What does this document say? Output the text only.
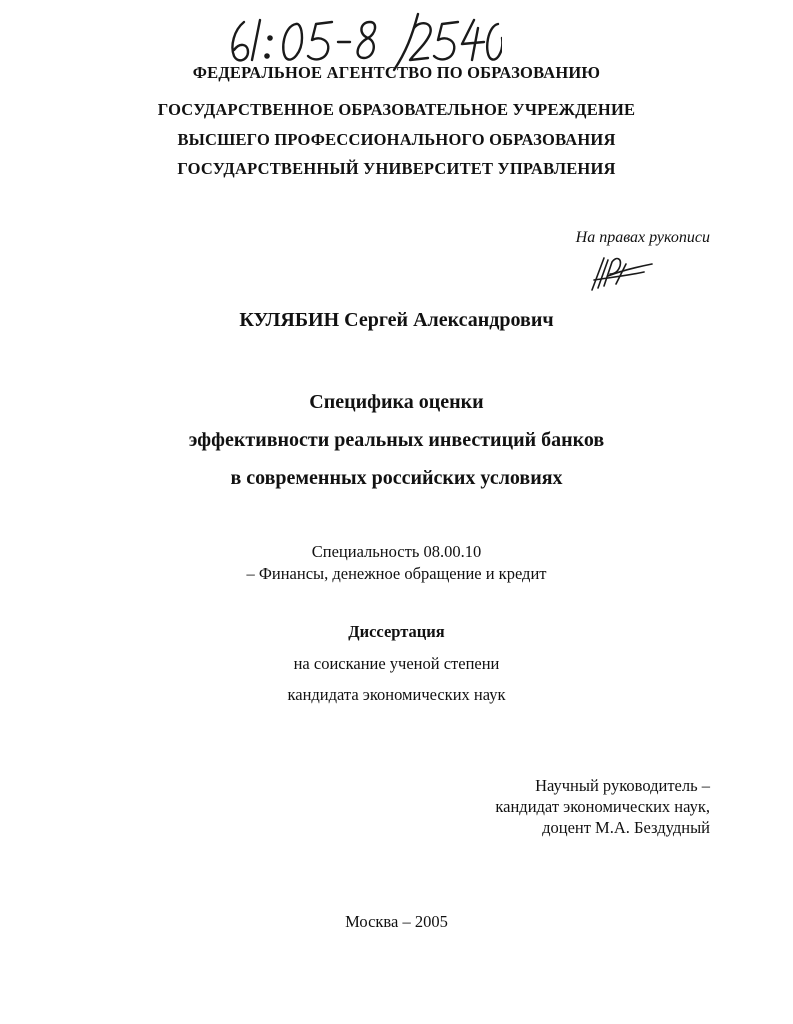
ФЕДЕРАЛЬНОЕ АГЕНТСТВО ПО ОБРАЗОВАНИЮ
ГОСУДАРСТВЕННОЕ ОБРАЗОВАТЕЛЬНОЕ УЧРЕЖДЕНИЕ
ВЫСШЕГО ПРОФЕССИОНАЛЬНОГО ОБРАЗОВАНИЯ
ГОСУДАРСТВЕННЫЙ УНИВЕРСИТЕТ УПРАВЛЕНИЯ
На правах рукописи
КУЛЯБИН Сергей Александрович
Специфика оценки
эффективности реальных инвестиций банков
в современных российских условиях
Специальность 08.00.10
– Финансы, денежное обращение и кредит
Диссертация
на соискание ученой степени
кандидата экономических наук
Научный руководитель –
кандидат экономических наук,
доцент М.А. Бездудный
Москва – 2005
